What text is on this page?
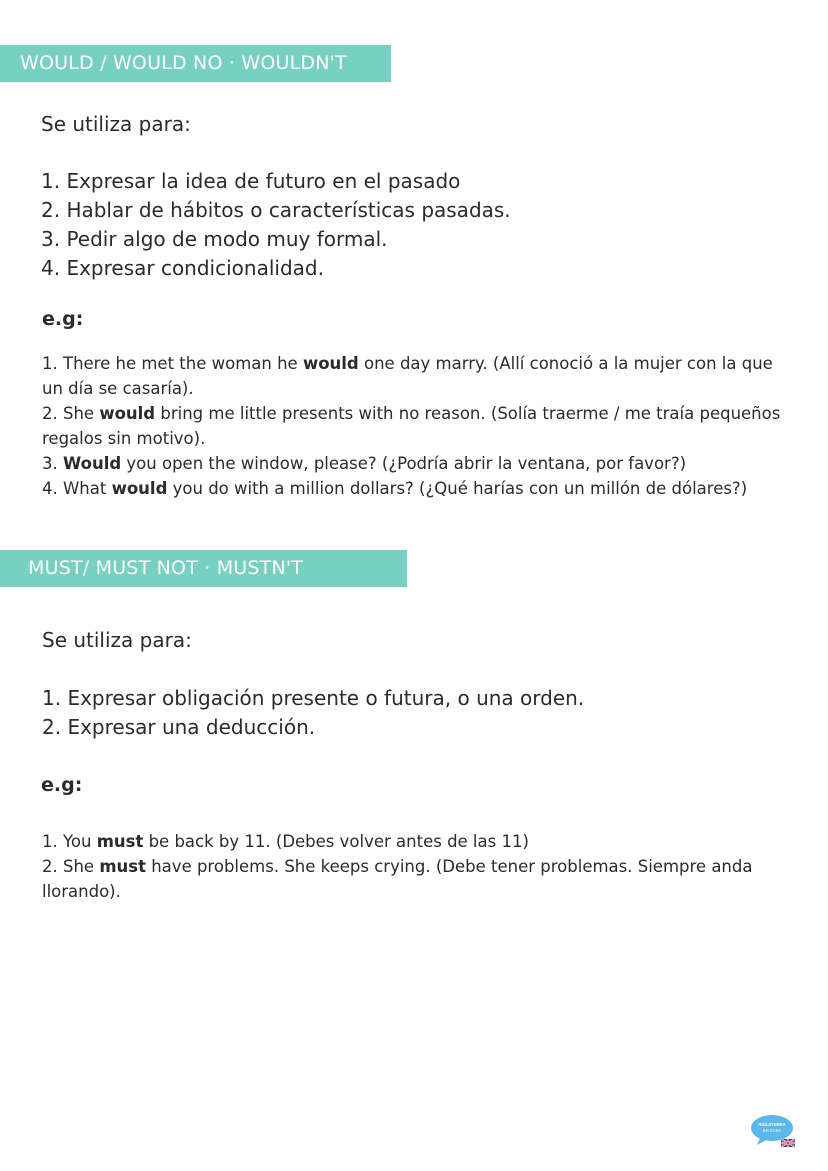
WOULD / WOULD NO · WOULDN'T
Se utiliza para:
1. Expresar la idea de futuro en el pasado
2. Hablar de hábitos o características pasadas.
3. Pedir algo de modo muy formal.
4. Expresar condicionalidad.
e.g:
1. There he met the woman he would one day marry. (Allí conoció a la mujer con la que un día se casaría).
2. She would bring me little presents with no reason. (Solía traerme / me traía pequeños regalos sin motivo).
3. Would you open the window, please? (¿Podría abrir la ventana, por favor?)
4. What would you do with a million dollars? (¿Qué harías con un millón de dólares?)
MUST/ MUST NOT · MUSTN'T
Se utiliza para:
1. Expresar obligación presente o futura, o una orden.
2. Expresar una deducción.
e.g:
1. You must be back by 11. (Debes volver antes de las 11)
2. She must have problems. She keeps crying. (Debe tener problemas. Siempre anda llorando).
INGLATERRA
EN CASA
